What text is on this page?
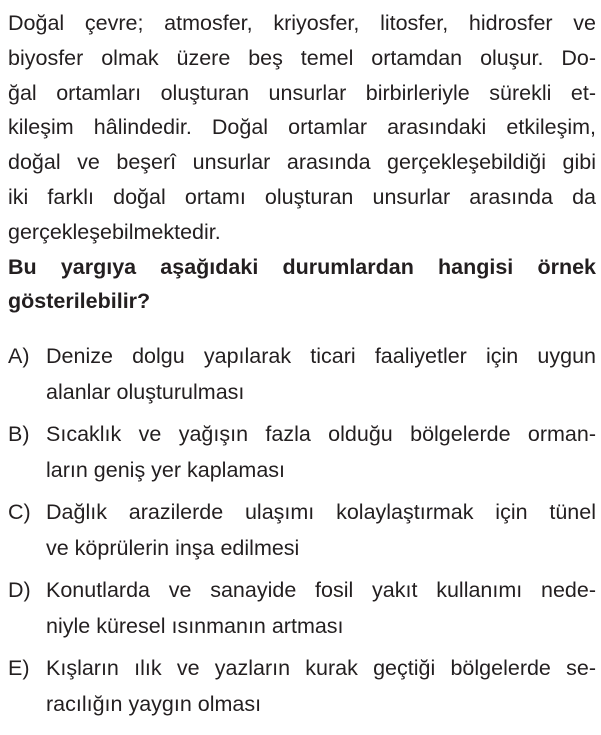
Doğal çevre; atmosfer, kriyosfer, litosfer, hidrosfer ve
biyosfer olmak üzere beş temel ortamdan oluşur. Do-
ğal ortamları oluşturan unsurlar birbirleriyle sürekli et-
kileşim hâlindedir. Doğal ortamlar arasındaki etkileşim,
doğal ve beşerî unsurlar arasında gerçekleşebildiği gibi
iki farklı doğal ortamı oluşturan unsurlar arasında da
gerçekleşebilmektedir.
Bu yargıya aşağıdaki durumlardan hangisi örnek
gösterilebilir?
A) Denize dolgu yapılarak ticari faaliyetler için uygun
alanlar oluşturulması
B) Sıcaklık ve yağışın fazla olduğu bölgelerde orman-
ların geniş yer kaplaması
C) Dağlık arazilerde ulaşımı kolaylaştırmak için tünel
ve köprülerin inşa edilmesi
D) Konutlarda ve sanayide fosil yakıt kullanımı nede-
niyle küresel ısınmanın artması
E) Kışların ılık ve yazların kurak geçtiği bölgelerde se-
racılığın yaygın olması
